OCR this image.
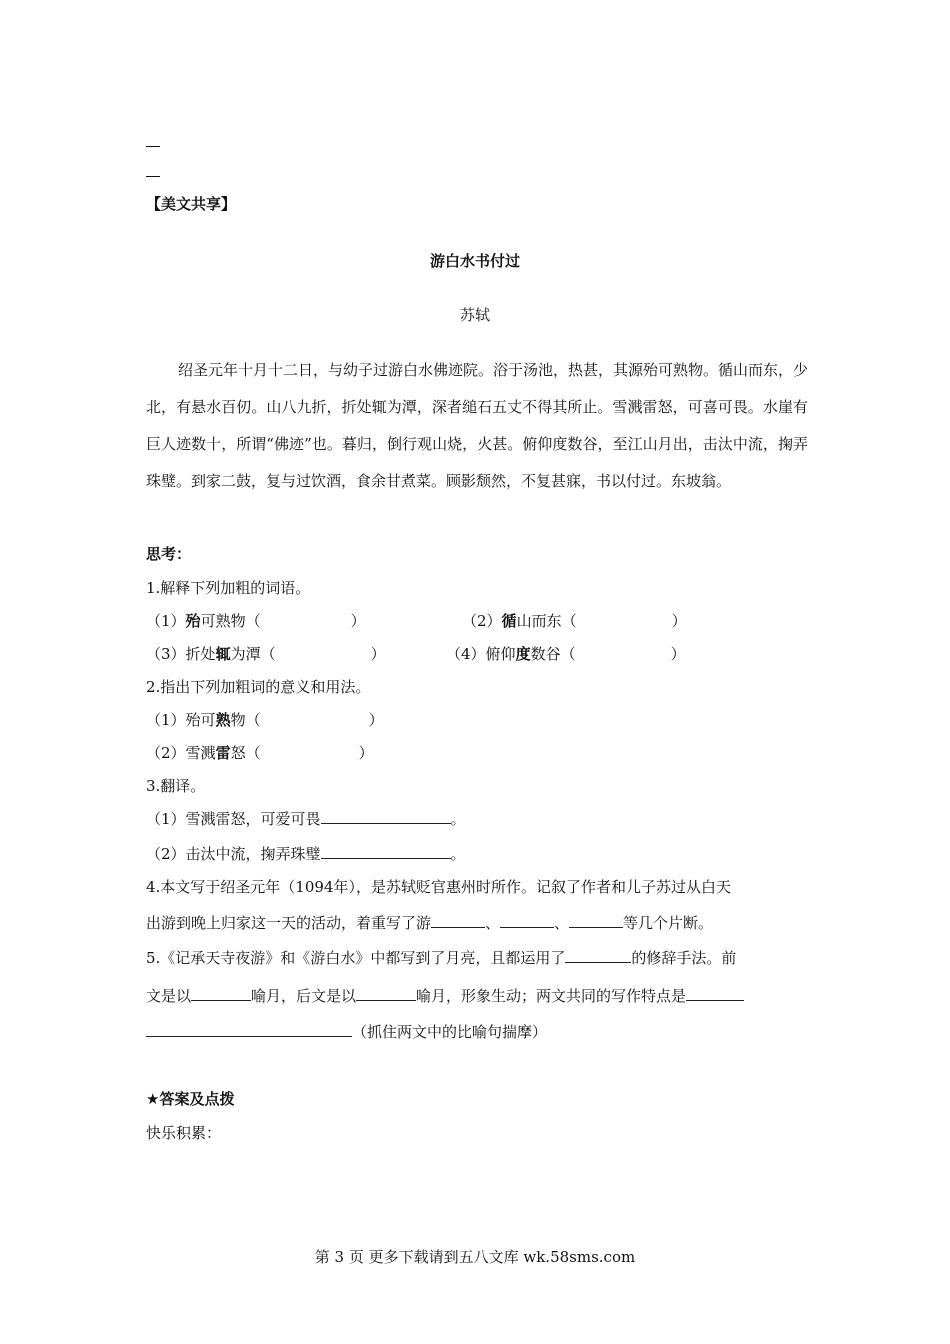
【美文共享】
游白水书付过
苏轼
绍圣元年十月十二日，与幼子过游白水佛迹院。浴于汤池，热甚，其源殆可熟物。循山而东，少北，有悬水百仞。山八九折，折处辄为潭，深者缒石五丈不得其所止。雪溅雷怒，可喜可畏。水崖有巨人迹数十，所谓“佛迹”也。暮归，倒行观山烧，火甚。俯仰度数谷，至江山月出，击汰中流，掬弄珠璧。到家二鼓，复与过饮酒，食余甘煮菜。顾影颓然，不复甚寐，书以付过。东坡翁。
思考：
1.解释下列加粗的词语。
（1）殆可熟物（	）	（2）循山而东（	）
（3）折处辄为潭（	）	（4）俯仰度数谷（	）
2.指出下列加粗词的意义和用法。
（1）殆可熟物（	）
（2）雪溅雷怒（	）
3.翻译。
（1）雪溅雷怒，可爱可畏	。
（2）击汰中流，掬弄珠璧	。
4.本文写于绍圣元年（1094年），是苏轼贬官惠州时所作。记叙了作者和儿子苏过从白天
出游到晚上归家这一天的活动，着重写了游	、	、	等几个片断。
5.《记承天寺夜游》和《游白水》中都写到了月亮，且都运用了	的修辞手法。前
文是以	喻月，后文是以	喻月，形象生动；两文共同的写作特点是
（抓住两文中的比喻句揣摩）
★答案及点拨
快乐积累：
第 3 页 更多下载请到五八文库 wk.58sms.com
